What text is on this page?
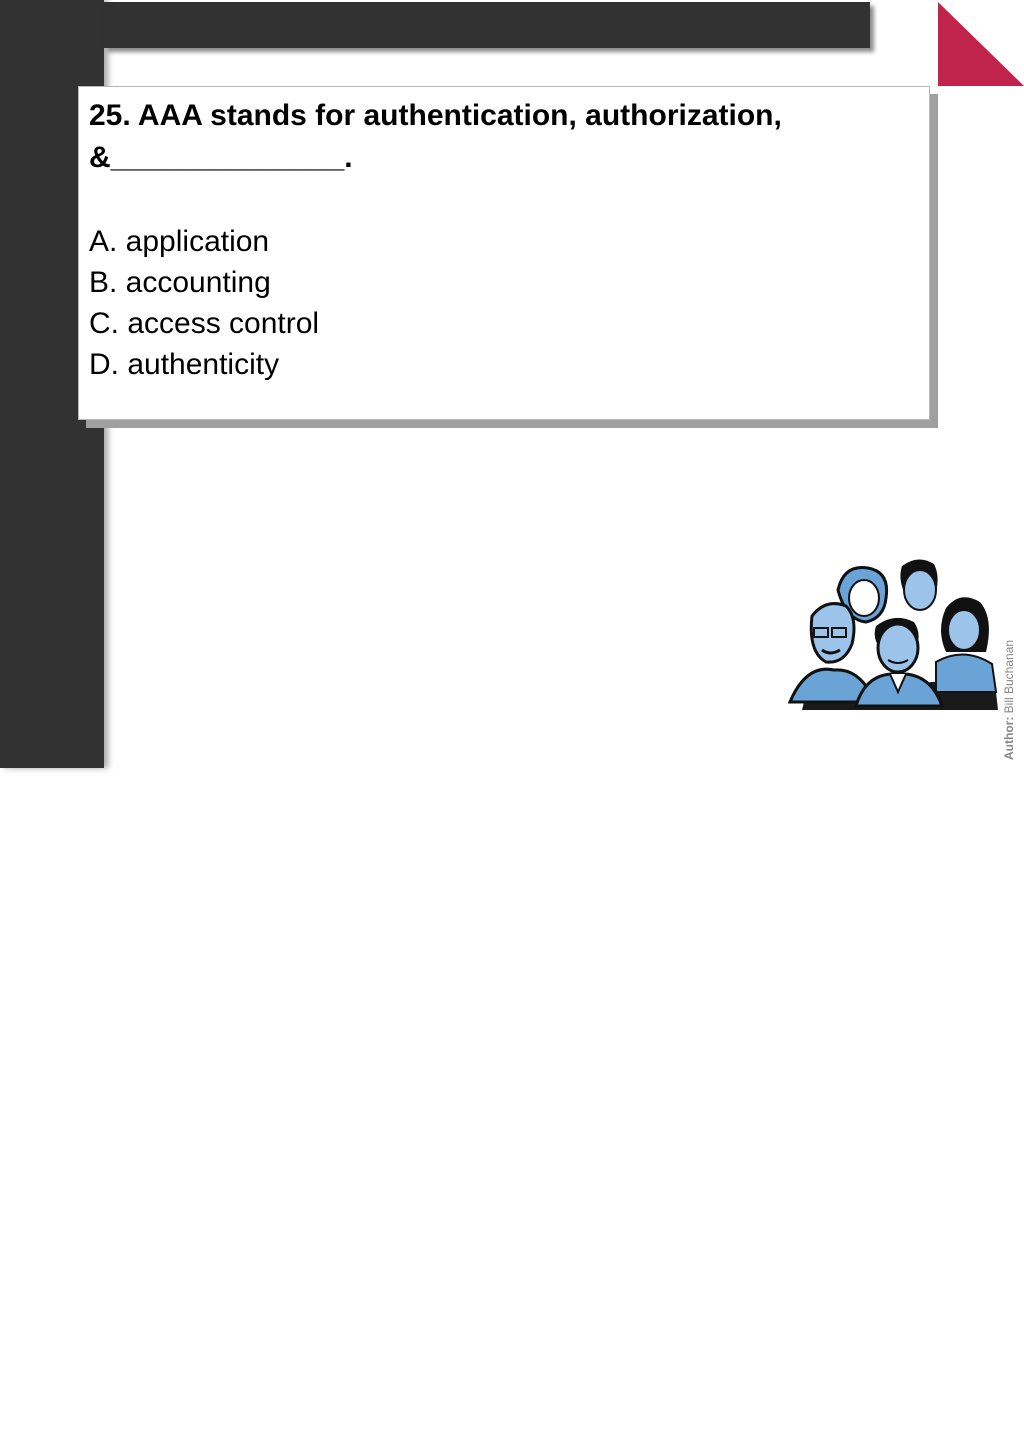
e-Security Prof Bill Buchanan, Leader CDCS

25. AAA stands for authentication, authorization, &______________.

A. application
B. accounting
C. access control
D. authenticity
Author: Bill Buchanan
